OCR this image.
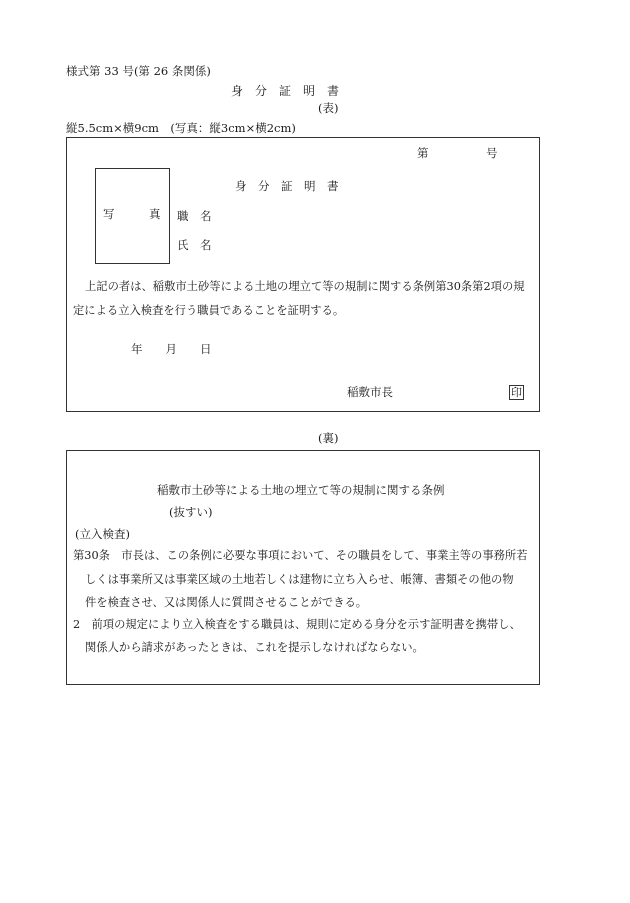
様式第 33 号(第 26 条関係)
身　分　証　明　書
(表)
縦5.5cm×横9cm　(写真：縦3cm×横2cm)
第　　　　　号
写　　　真
身　分　証　明　書
職　名
氏　名
上記の者は、稲敷市土砂等による土地の埋立て等の規制に関する条例第30条第2項の規
定による立入検査を行う職員であることを証明する。
年　　月　　日
稲敷市長	印
(裏)
稲敷市土砂等による土地の埋立て等の規制に関する条例
(抜すい)
(立入検査)
第30条　市長は、この条例に必要な事項において、その職員をして、事業主等の事務所若
しくは事業所又は事業区域の土地若しくは建物に立ち入らせ、帳簿、書類その他の物
件を検査させ、又は関係人に質問させることができる。
2　前項の規定により立入検査をする職員は、規則に定める身分を示す証明書を携帯し、
関係人から請求があったときは、これを提示しなければならない。
